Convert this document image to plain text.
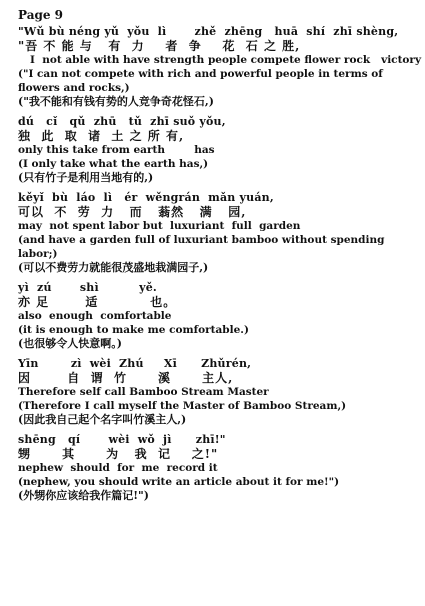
Page 9
"Wǔ bù néng yǔ  yǒu  lì       zhě  zhēng   huā  shí  zhī shèng,
"吾 不 能 与   有  力    者  争    花  石 之 胜,
I  not able with have strength people compete flower rock   victory
("I can not compete with rich and powerful people in terms of flowers and rocks,)
("我不能和有钱有势的人竞争奇花怪石,)
dú   cǐ   qǔ  zhū   tǔ  zhī suǒ yǒu,
独  此  取  诸  土 之 所 有,
only this take from earth        has
(I only take what the earth has,)
(只有竹子是利用当地有的,)
kěyǐ  bù  láo  lì   ér  wěngrán  mǎn yuán,
可以  不  劳  力   而   蓊然   满   园,
may  not spent labor but  luxuriant  full  garden
(and have a garden full of luxuriant bamboo without spending labor;)
(可以不费劳力就能很茂盛地栽满园子,)
yì  zú       shì          yě.
亦 足       适          也。
also  enough  comfortable
(it is enough to make me comfortable.)
(也很够令人快意啊。)
Yīn        zì  wèi  Zhú     Xī      Zhǔrén,
因       自  谓  竹      溪      主人,
Therefore self call Bamboo Stream Master
(Therefore I call myself the Master of Bamboo Stream,)
(因此我自己起个名字叫竹溪主人,)
shēng   qí       wèi  wǒ  jì      zhī!"
甥      其      为   我  记    之!"
nephew  should  for  me  record it
(nephew, you should write an article about it for me!")
(外甥你应该给我作篇记!")
